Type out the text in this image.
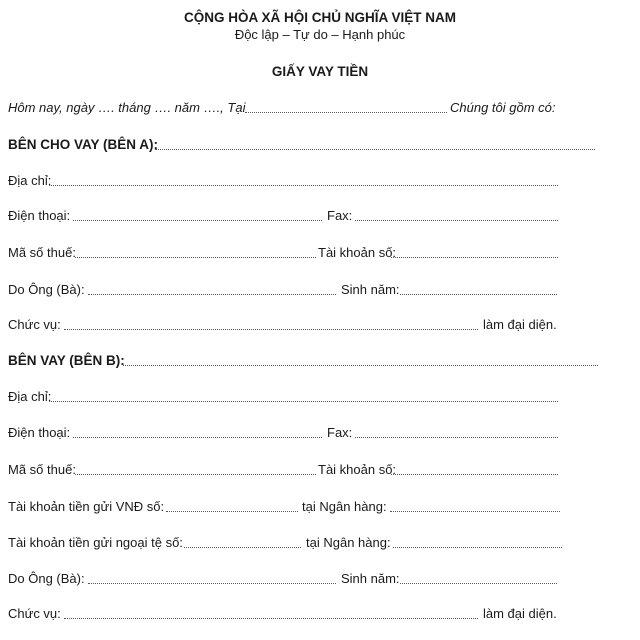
CỘNG HÒA XÃ HỘI CHỦ NGHĨA VIỆT NAM
Độc lập – Tự do – Hạnh phúc
GIẤY VAY TIỀN
Hôm nay, ngày …. tháng …. năm …., Tại	Chúng tôi gồm có:
BÊN CHO VAY (BÊN A):
Địa chỉ:
Điện thoại:	Fax:
Mã số thuế:	Tài khoản số:
Do Ông (Bà):	Sinh năm:
Chức vụ:	làm đại diện.
BÊN VAY (BÊN B):
Địa chỉ:
Điện thoại:	Fax:
Mã số thuế:	Tài khoản số:
Tài khoản tiền gửi VNĐ số:	tại Ngân hàng:
Tài khoản tiền gửi ngoại tệ số:	tại Ngân hàng:
Do Ông (Bà):	Sinh năm:
Chức vụ:	làm đại diện.
